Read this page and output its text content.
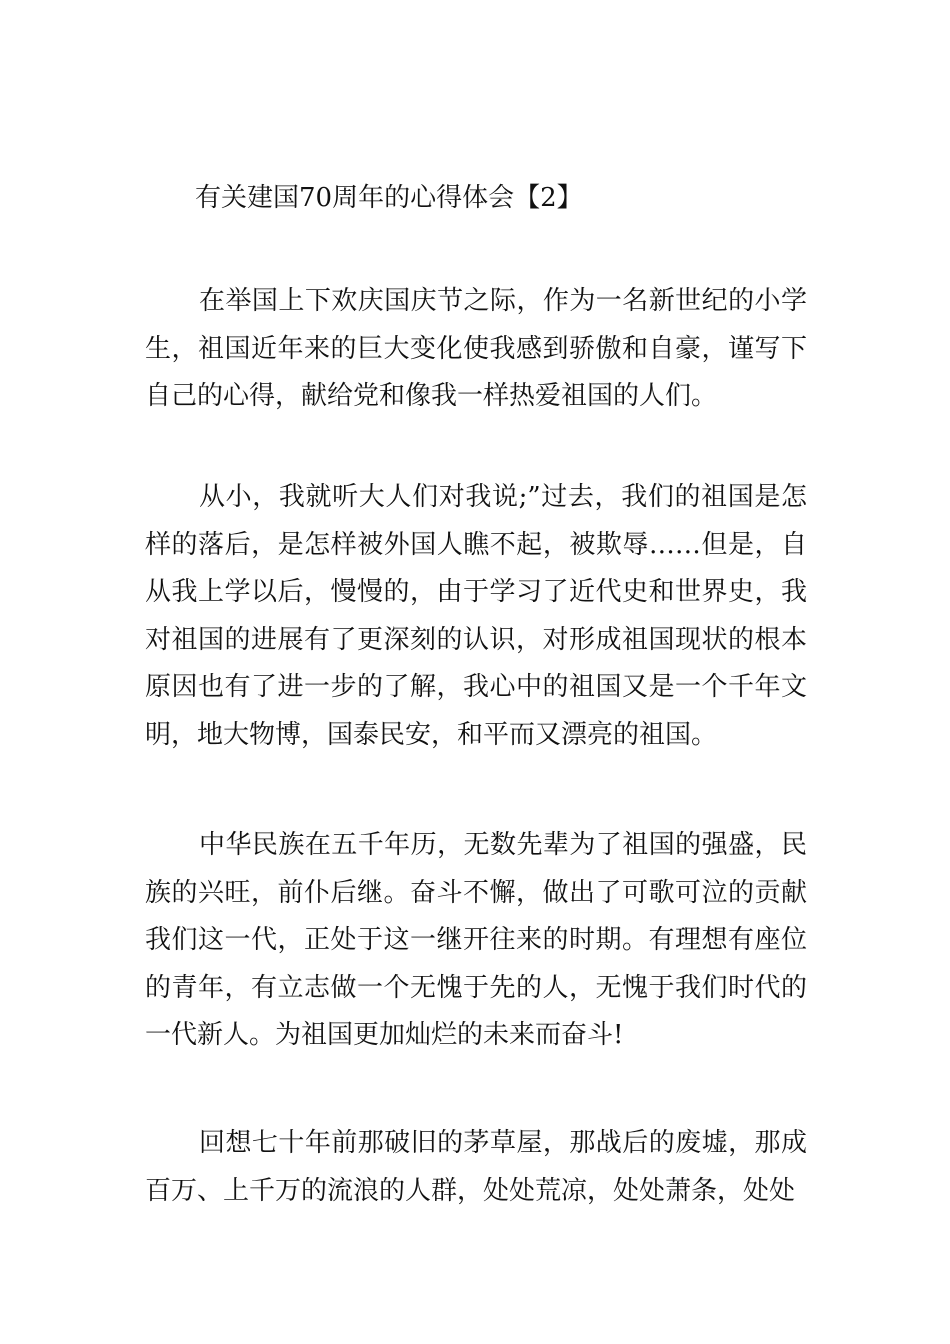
有关建国70周年的心得体会【2】

在举国上下欢庆国庆节之际，作为一名新世纪的小学生，祖国近年来的巨大变化使我感到骄傲和自豪，谨写下自己的心得，献给党和像我一样热爱祖国的人们。

从小，我就听大人们对我说;”过去，我们的祖国是怎样的落后，是怎样被外国人瞧不起，被欺辱……但是，自从我上学以后，慢慢的，由于学习了近代史和世界史，我对祖国的进展有了更深刻的认识，对形成祖国现状的根本原因也有了进一步的了解，我心中的祖国又是一个千年文明，地大物博，国泰民安，和平而又漂亮的祖国。

中华民族在五千年历，无数先辈为了祖国的强盛，民族的兴旺，前仆后继。奋斗不懈，做出了可歌可泣的贡献我们这一代，正处于这一继开往来的时期。有理想有座位的青年，有立志做一个无愧于先的人，无愧于我们时代的一代新人。为祖国更加灿烂的未来而奋斗!

回想七十年前那破旧的茅草屋，那战后的废墟，那成百万、上千万的流浪的人群，处处荒凉，处处萧条，处处
